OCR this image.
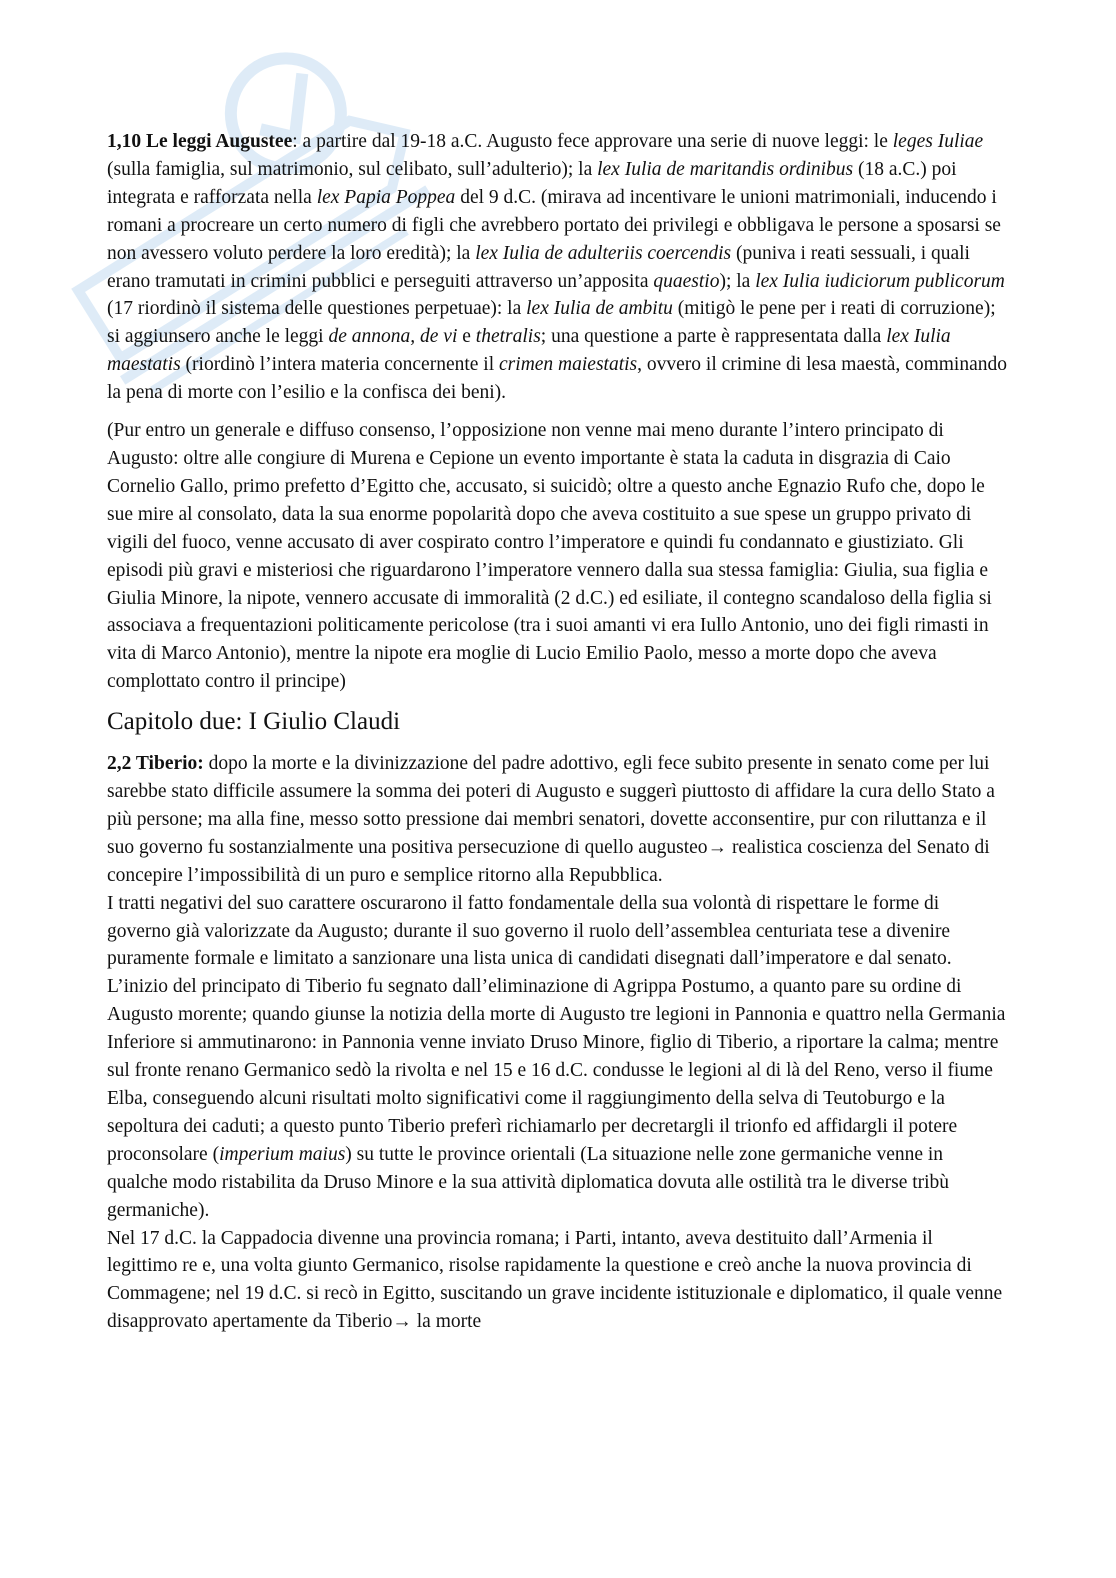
1,10 Le leggi Augustee: a partire dal 19-18 a.C. Augusto fece approvare una serie di nuove leggi: le leges Iuliae (sulla famiglia, sul matrimonio, sul celibato, sull’adulterio); la lex Iulia de maritandis ordinibus (18 a.C.) poi integrata e rafforzata nella lex Papia Poppea del 9 d.C. (mirava ad incentivare le unioni matrimoniali, inducendo i romani a procreare un certo numero di figli che avrebbero portato dei privilegi e obbligava le persone a sposarsi se non avessero voluto perdere la loro eredità); la lex Iulia de adulteriis coercendis (puniva i reati sessuali, i quali erano tramutati in crimini pubblici e perseguiti attraverso un’apposita quaestio); la lex Iulia iudiciorum publicorum (17 riordinò il sistema delle questiones perpetuae): la lex Iulia de ambitu (mitigò le pene per i reati di corruzione); si aggiunsero anche le leggi de annona, de vi e thetralis; una questione a parte è rappresentata dalla lex Iulia maestatis (riordinò l’intera materia concernente il crimen maiestatis, ovvero il crimine di lesa maestà, comminando la pena di morte con l’esilio e la confisca dei beni).

(Pur entro un generale e diffuso consenso, l’opposizione non venne mai meno durante l’intero principato di Augusto: oltre alle congiure di Murena e Cepione un evento importante è stata la caduta in disgrazia di Caio Cornelio Gallo, primo prefetto d’Egitto che, accusato, si suicidò; oltre a questo anche Egnazio Rufo che, dopo le sue mire al consolato, data la sua enorme popolarità dopo che aveva costituito a sue spese un gruppo privato di vigili del fuoco, venne accusato di aver cospirato contro l’imperatore e quindi fu condannato e giustiziato. Gli episodi più gravi e misteriosi che riguardarono l’imperatore vennero dalla sua stessa famiglia: Giulia, sua figlia e Giulia Minore, la nipote, vennero accusate di immoralità (2 d.C.) ed esiliate, il contegno scandaloso della figlia si associava a frequentazioni politicamente pericolose (tra i suoi amanti vi era Iullo Antonio, uno dei figli rimasti in vita di Marco Antonio), mentre la nipote era moglie di Lucio Emilio Paolo, messo a morte dopo che aveva complottato contro il principe)

Capitolo due: I Giulio Claudi

2,2 Tiberio: dopo la morte e la divinizzazione del padre adottivo, egli fece subito presente in senato come per lui sarebbe stato difficile assumere la somma dei poteri di Augusto e suggerì piuttosto di affidare la cura dello Stato a più persone; ma alla fine, messo sotto pressione dai membri senatori, dovette acconsentire, pur con riluttanza e il suo governo fu sostanzialmente una positiva persecuzione di quello augusteo→ realistica coscienza del Senato di concepire l’impossibilità di un puro e semplice ritorno alla Repubblica.

I tratti negativi del suo carattere oscurarono il fatto fondamentale della sua volontà di rispettare le forme di governo già valorizzate da Augusto; durante il suo governo il ruolo dell’assemblea centuriata tese a divenire puramente formale e limitato a sanzionare una lista unica di candidati disegnati dall’imperatore e dal senato. L’inizio del principato di Tiberio fu segnato dall’eliminazione di Agrippa Postumo, a quanto pare su ordine di Augusto morente; quando giunse la notizia della morte di Augusto tre legioni in Pannonia e quattro nella Germania Inferiore si ammutinarono: in Pannonia venne inviato Druso Minore, figlio di Tiberio, a riportare la calma; mentre sul fronte renano Germanico sedò la rivolta e nel 15 e 16 d.C. condusse le legioni al di là del Reno, verso il fiume Elba, conseguendo alcuni risultati molto significativi come il raggiungimento della selva di Teutoburgo e la sepoltura dei caduti; a questo punto Tiberio preferì richiamarlo per decretargli il trionfo ed affidargli il potere proconsolare (imperium maius) su tutte le province orientali (La situazione nelle zone germaniche venne in qualche modo ristabilita da Druso Minore e la sua attività diplomatica dovuta alle ostilità tra le diverse tribù germaniche).

Nel 17 d.C. la Cappadocia divenne una provincia romana; i Parti, intanto, aveva destituito dall’Armenia il legittimo re e, una volta giunto Germanico, risolse rapidamente la questione e creò anche la nuova provincia di Commagene; nel 19 d.C. si recò in Egitto, suscitando un grave incidente istituzionale e diplomatico, il quale venne disapprovato apertamente da Tiberio→ la morte
